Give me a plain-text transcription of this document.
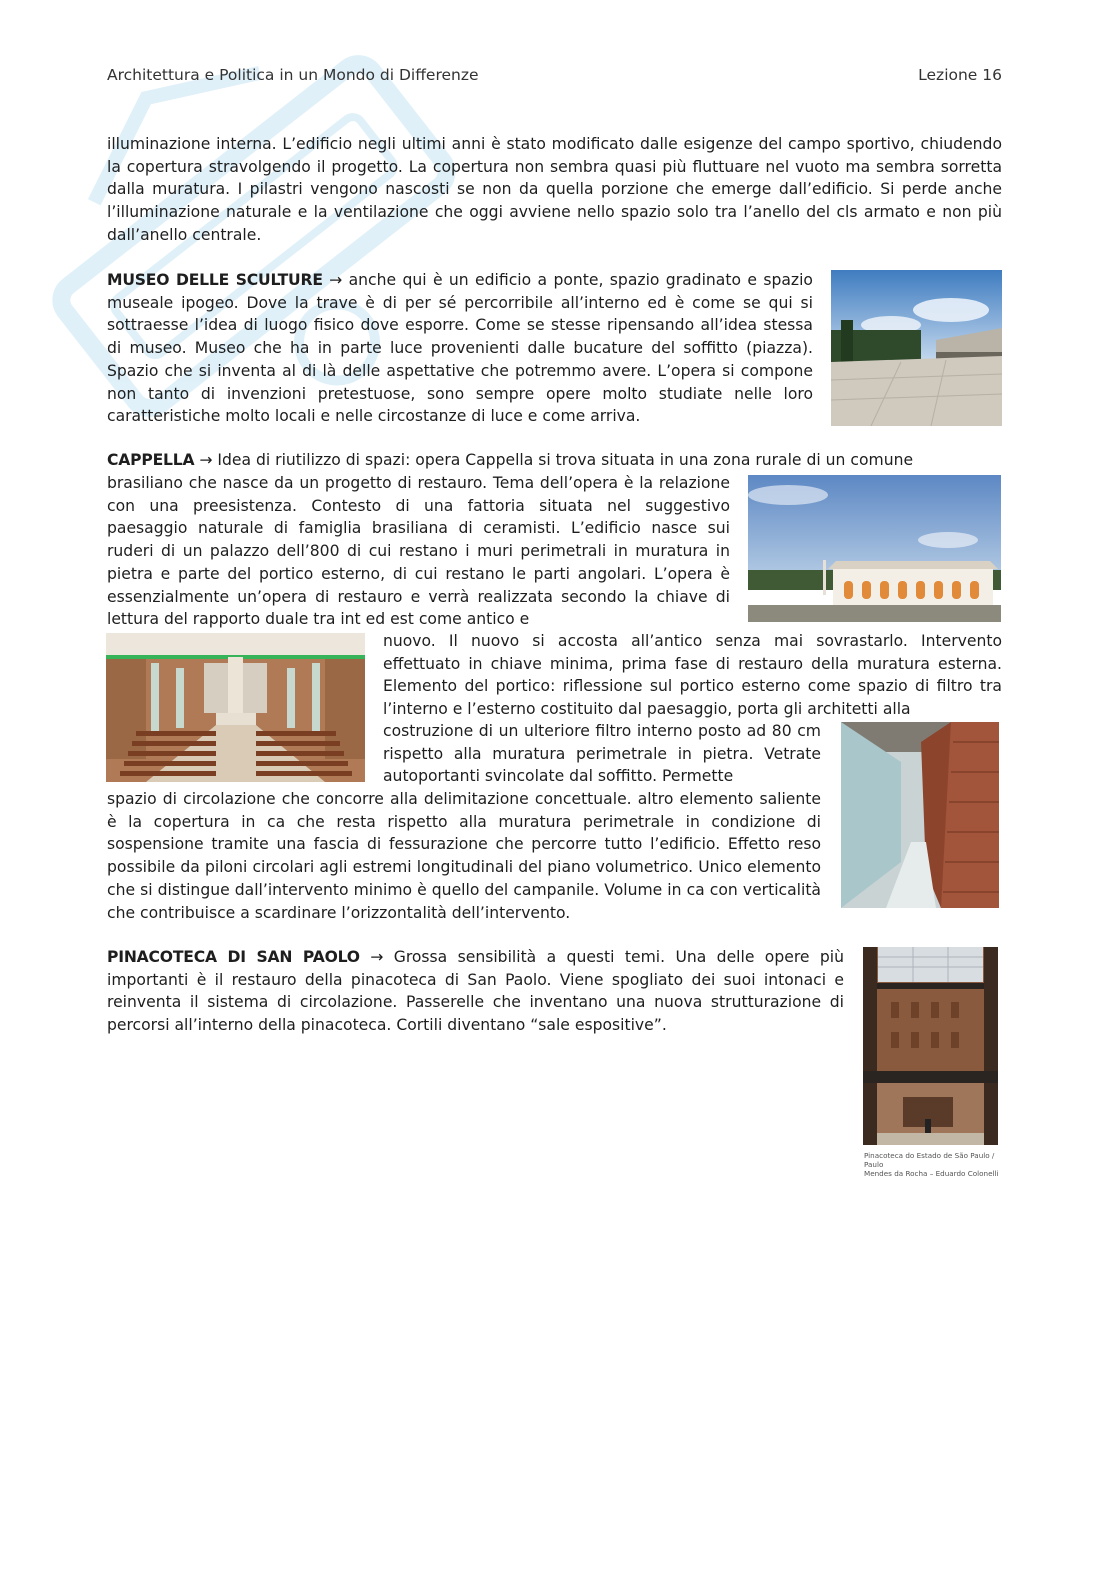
Architettura e Politica in un Mondo di Differenze	Lezione 16

illuminazione interna. L’edificio negli ultimi anni è stato modificato dalle esigenze del campo sportivo, chiudendo la copertura stravolgendo il progetto. La copertura non sembra quasi più fluttuare nel vuoto ma sembra sorretta dalla muratura. I pilastri vengono nascosti se non da quella porzione che emerge dall’edificio. Si perde anche l’illuminazione naturale e la ventilazione che oggi avviene nello spazio solo tra l’anello del cls armato e non più dall’anello centrale.

MUSEO DELLE SCULTURE → anche qui è un edificio a ponte, spazio gradinato e spazio museale ipogeo. Dove la trave è di per sé percorribile all’interno ed è come se qui si sottraesse l’idea di luogo fisico dove esporre. Come se stesse ripensando all’idea stessa di museo. Museo che ha in parte luce provenienti dalle bucature del soffitto (piazza). Spazio che si inventa al di là delle aspettative che potremmo avere. L’opera si compone non tanto di invenzioni pretestuose, sono sempre opere molto studiate nelle loro caratteristiche molto locali e nelle circostanze di luce e come arriva.

CAPPELLA → Idea di riutilizzo di spazi: opera Cappella si trova situata in una zona rurale di un comune

brasiliano che nasce da un progetto di restauro. Tema dell’opera è la relazione con una preesistenza. Contesto di una fattoria situata nel suggestivo paesaggio naturale di famiglia brasiliana di ceramisti. L’edificio nasce sui ruderi di un palazzo dell’800 di cui restano i muri perimetrali in muratura in pietra e parte del portico esterno, di cui restano le parti angolari. L’opera è essenzialmente un’opera di restauro e verrà realizzata secondo la chiave di lettura del rapporto duale tra int ed est come antico e

nuovo. Il nuovo si accosta all’antico senza mai sovrastarlo. Intervento effettuato in chiave minima, prima fase di restauro della muratura esterna. Elemento del portico: riflessione sul portico esterno come spazio di filtro tra l’interno e l’esterno costituito dal paesaggio, porta gli architetti alla

costruzione di un ulteriore filtro interno posto ad 80 cm rispetto alla muratura perimetrale in pietra. Vetrate autoportanti svincolate dal soffitto. Permette

spazio di circolazione che concorre alla delimitazione concettuale. altro elemento saliente è la copertura in ca che resta rispetto alla muratura perimetrale in condizione di sospensione tramite una fascia di fessurazione che percorre tutto l’edificio. Effetto reso possibile da piloni circolari agli estremi longitudinali del piano volumetrico. Unico elemento che si distingue dall’intervento minimo è quello del campanile. Volume in ca con verticalità che contribuisce a scardinare l’orizzontalità dell’intervento.

PINACOTECA DI SAN PAOLO → Grossa sensibilità a questi temi. Una delle opere più importanti è il restauro della pinacoteca di San Paolo. Viene spogliato dei suoi intonaci e reinventa il sistema di circolazione. Passerelle che inventano una nuova strutturazione di percorsi all’interno della pinacoteca. Cortili diventano “sale espositive”.

Pinacoteca do Estado de São Paulo / Paulo
Mendes da Rocha – Eduardo Colonelli
